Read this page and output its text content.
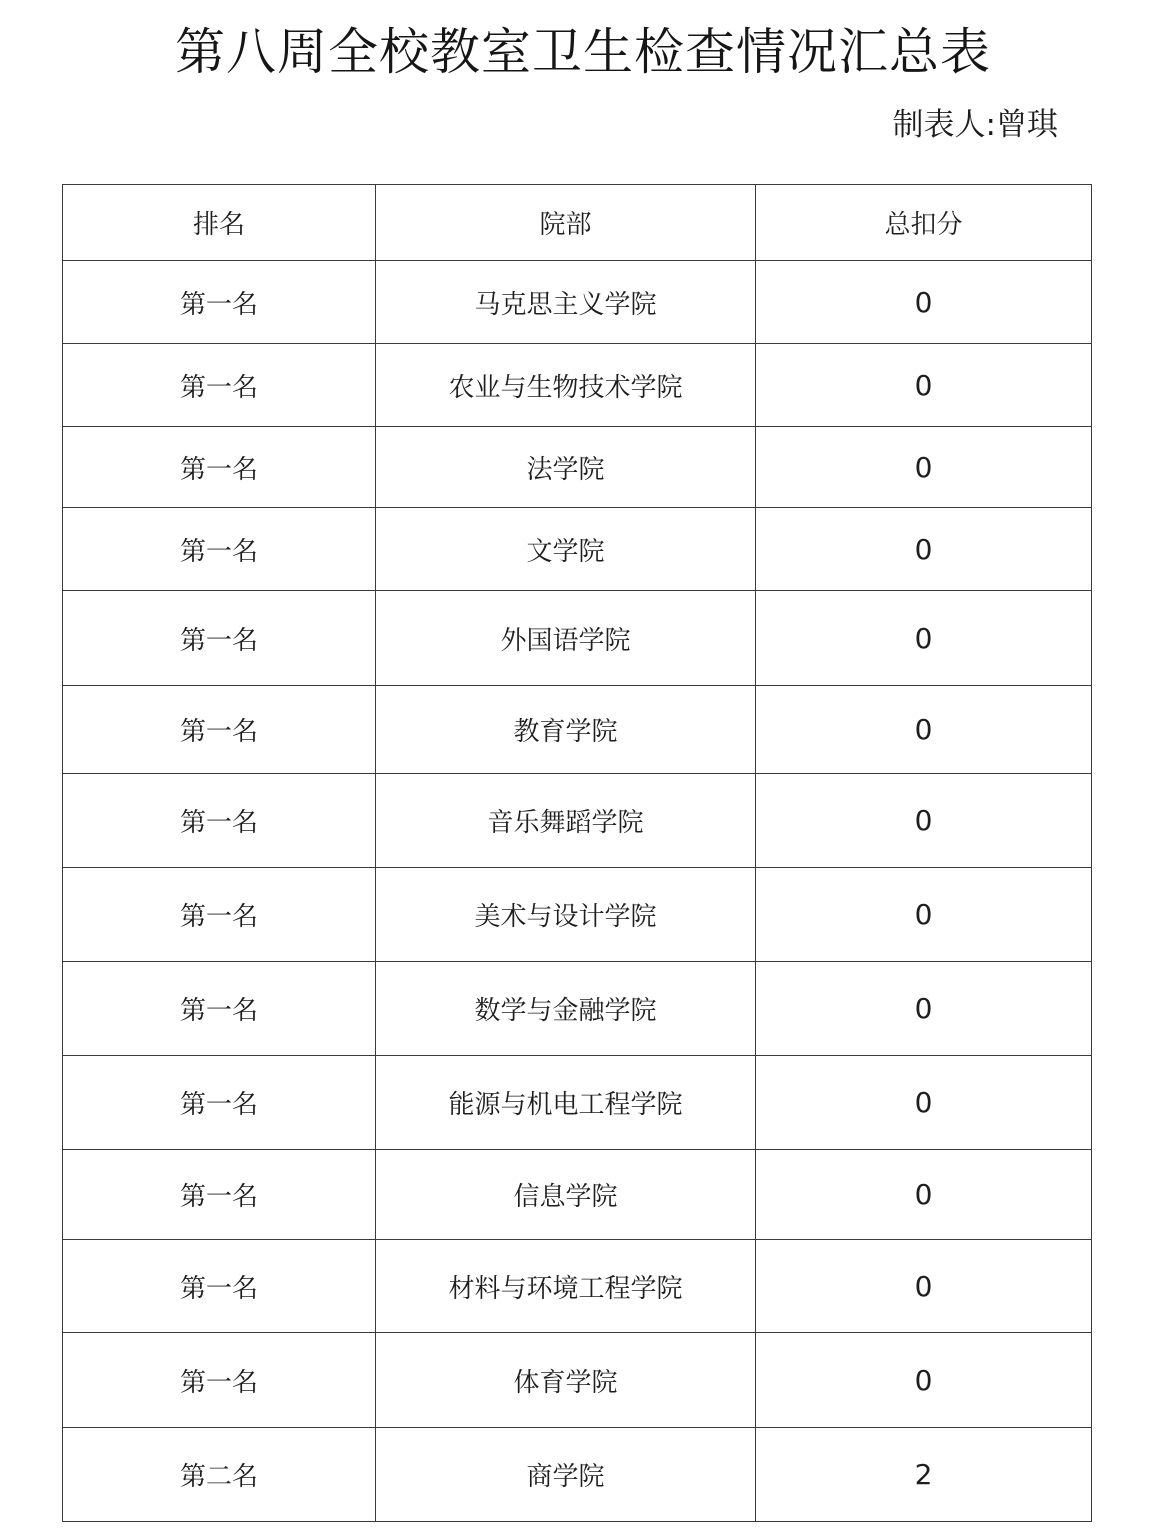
第八周全校教室卫生检查情况汇总表
制表人:曾琪
排名	院部	总扣分
第一名	马克思主义学院	0
第一名	农业与生物技术学院	0
第一名	法学院	0
第一名	文学院	0
第一名	外国语学院	0
第一名	教育学院	0
第一名	音乐舞蹈学院	0
第一名	美术与设计学院	0
第一名	数学与金融学院	0
第一名	能源与机电工程学院	0
第一名	信息学院	0
第一名	材料与环境工程学院	0
第一名	体育学院	0
第二名	商学院	2
